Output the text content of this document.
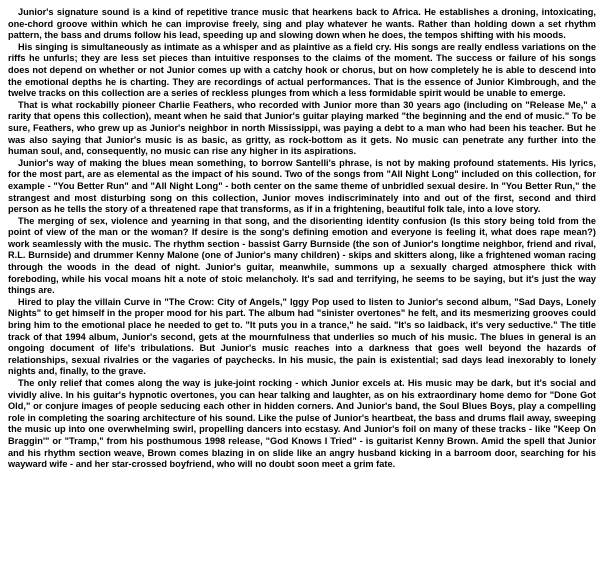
Junior's signature sound is a kind of repetitive trance music that hearkens back to Africa. He establishes a droning, intoxicating, one-chord groove within which he can improvise freely, sing and play whatever he wants. Rather than holding down a set rhythm pattern, the bass and drums follow his lead, speeding up and slowing down when he does, the tempos shifting with his moods.

His singing is simultaneously as intimate as a whisper and as plaintive as a field cry. His songs are really endless variations on the riffs he unfurls; they are less set pieces than intuitive responses to the claims of the moment. The success or failure of his songs does not depend on whether or not Junior comes up with a catchy hook or chorus, but on how completely he is able to descend into the emotional depths he is charting. They are recordings of actual performances. That is the essence of Junior Kimbrough, and the twelve tracks on this collection are a series of reckless plunges from which a less formidable spirit would be unable to emerge.

That is what rockabilly pioneer Charlie Feathers, who recorded with Junior more than 30 years ago (including on "Release Me," a rarity that opens this collection), meant when he said that Junior's guitar playing marked "the beginning and the end of music." To be sure, Feathers, who grew up as Junior's neighbor in north Mississippi, was paying a debt to a man who had been his teacher. But he was also saying that Junior's music is as basic, as gritty, as rock-bottom as it gets. No music can penetrate any further into the human soul, and, consequently, no music can rise any higher in its aspirations.

Junior's way of making the blues mean something, to borrow Santelli's phrase, is not by making profound statements. His lyrics, for the most part, are as elemental as the impact of his sound. Two of the songs from "All Night Long" included on this collection, for example - "You Better Run" and "All Night Long" - both center on the same theme of unbridled sexual desire. In "You Better Run," the strangest and most disturbing song on this collection, Junior moves indiscriminately into and out of the first, second and third person as he tells the story of a threatened rape that transforms, as if in a frightening, beautiful folk tale, into a love story.

The merging of sex, violence and yearning in that song, and the disorienting identity confusion (Is this story being told from the point of view of the man or the woman? If desire is the song's defining emotion and everyone is feeling it, what does rape mean?) work seamlessly with the music. The rhythm section - bassist Garry Burnside (the son of Junior's longtime neighbor, friend and rival, R.L. Burnside) and drummer Kenny Malone (one of Junior's many children) - skips and skitters along, like a frightened woman racing through the woods in the dead of night. Junior's guitar, meanwhile, summons up a sexually charged atmosphere thick with foreboding, while his vocal moans hit a note of stoic melancholy. It's sad and terrifying, he seems to be saying, but it's just the way things are.

Hired to play the villain Curve in "The Crow: City of Angels," Iggy Pop used to listen to Junior's second album, "Sad Days, Lonely Nights" to get himself in the proper mood for his part. The album had "sinister overtones" he felt, and its mesmerizing grooves could bring him to the emotional place he needed to get to. "It puts you in a trance," he said. "It's so laidback, it's very seductive." The title track of that 1994 album, Junior's second, gets at the mournfulness that underlies so much of his music. The blues in general is an ongoing document of life's tribulations. But Junior's music reaches into a darkness that goes well beyond the hazards of relationships, sexual rivalries or the vagaries of paychecks. In his music, the pain is existential; sad days lead inexorably to lonely nights and, finally, to the grave.

The only relief that comes along the way is juke-joint rocking - which Junior excels at. His music may be dark, but it's social and vividly alive. In his guitar's hypnotic overtones, you can hear talking and laughter, as on his extraordinary home demo for "Done Got Old," or conjure images of people seducing each other in hidden corners. And Junior's band, the Soul Blues Boys, play a compelling role in completing the soaring architecture of his sound. Like the pulse of Junior's heartbeat, the bass and drums flail away, sweeping the music up into one overwhelming swirl, propelling dancers into ecstasy. And Junior's foil on many of these tracks - like "Keep On Braggin'" or "Tramp," from his posthumous 1998 release, "God Knows I Tried" - is guitarist Kenny Brown. Amid the spell that Junior and his rhythm section weave, Brown comes blazing in on slide like an angry husband kicking in a barroom door, searching for his wayward wife - and her star-crossed boyfriend, who will no doubt soon meet a grim fate.
